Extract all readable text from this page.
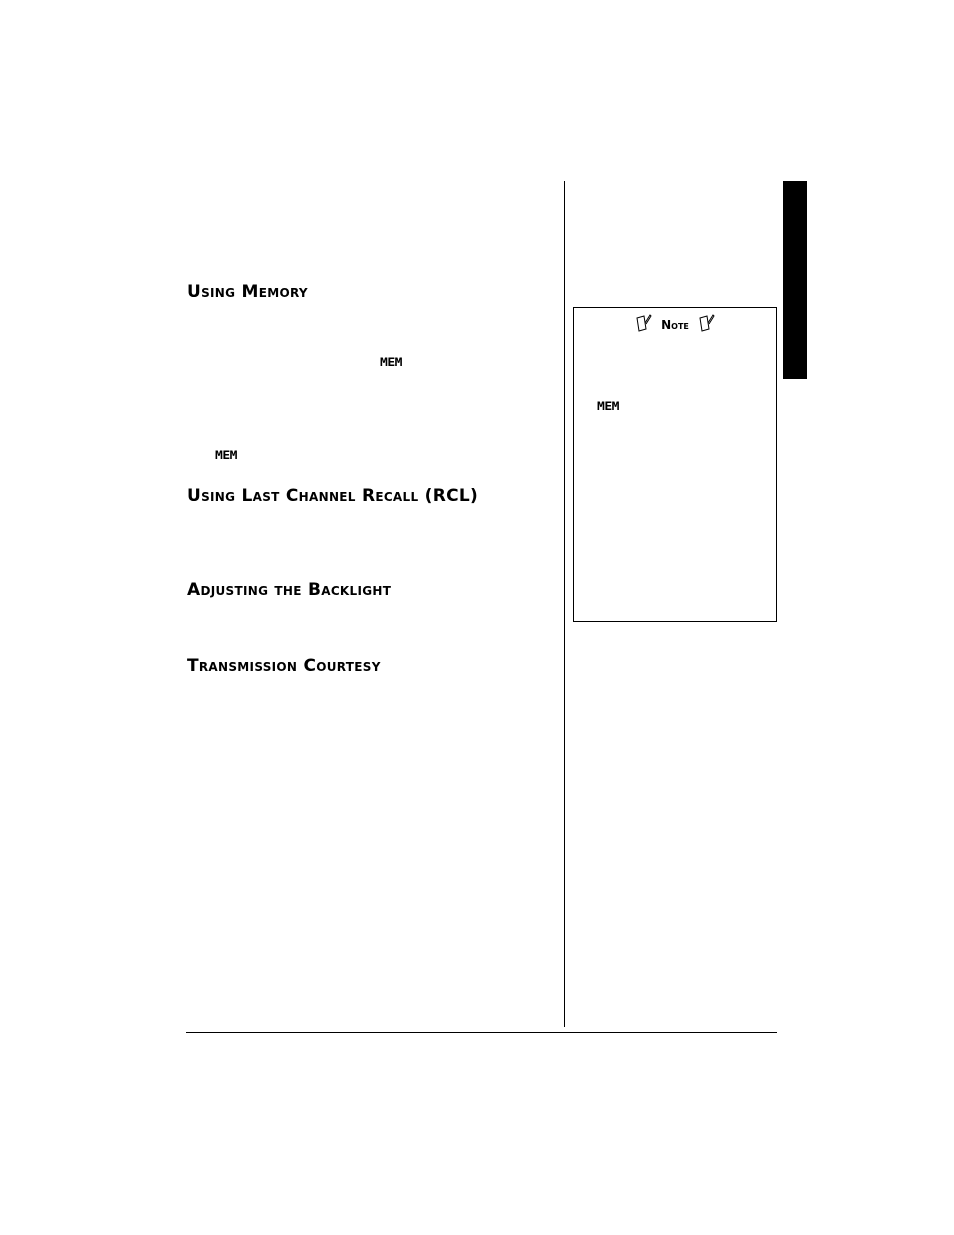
Using Memory
MEM
MEM
Using Last Channel Recall (RCL)
Adjusting the Backlight
Transmission Courtesy
Note
MEM
